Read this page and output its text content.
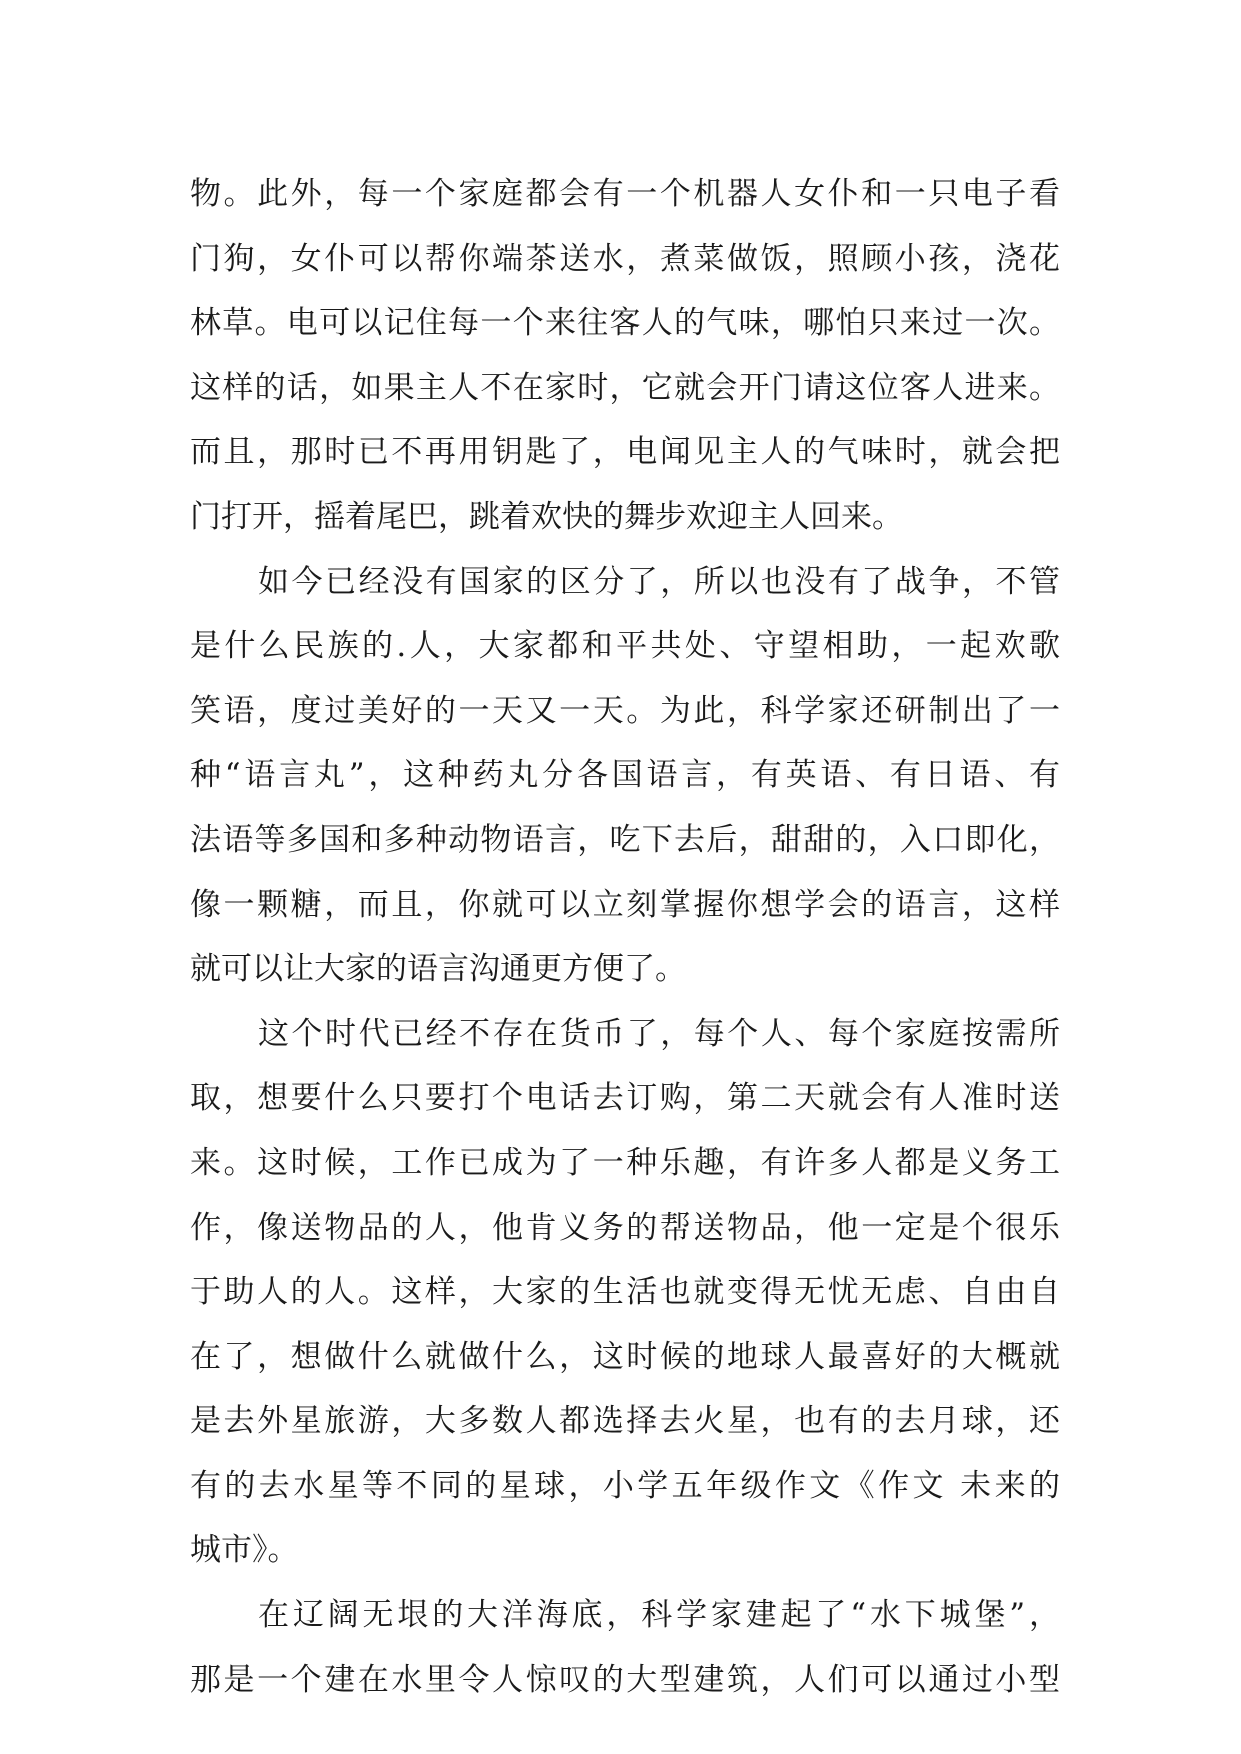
物。此外，每一个家庭都会有一个机器人女仆和一只电子看
门狗，女仆可以帮你端茶送水，煮菜做饭，照顾小孩，浇花
林草。电可以记住每一个来往客人的气味，哪怕只来过一次。
这样的话，如果主人不在家时，它就会开门请这位客人进来。
而且，那时已不再用钥匙了，电闻见主人的气味时，就会把
门打开，摇着尾巴，跳着欢快的舞步欢迎主人回来。
如今已经没有国家的区分了，所以也没有了战争，不管
是什么民族的.人，大家都和平共处、守望相助，一起欢歌
笑语，度过美好的一天又一天。为此，科学家还研制出了一
种“语言丸”，这种药丸分各国语言，有英语、有日语、有
法语等多国和多种动物语言，吃下去后，甜甜的，入口即化，
像一颗糖，而且，你就可以立刻掌握你想学会的语言，这样
就可以让大家的语言沟通更方便了。
这个时代已经不存在货币了，每个人、每个家庭按需所
取，想要什么只要打个电话去订购，第二天就会有人准时送
来。这时候，工作已成为了一种乐趣，有许多人都是义务工
作，像送物品的人，他肯义务的帮送物品，他一定是个很乐
于助人的人。这样，大家的生活也就变得无忧无虑、自由自
在了，想做什么就做什么，这时候的地球人最喜好的大概就
是去外星旅游，大多数人都选择去火星，也有的去月球，还
有的去水星等不同的星球，小学五年级作文《作文 未来的
城市》。
在辽阔无垠的大洋海底，科学家建起了“水下城堡”，
那是一个建在水里令人惊叹的大型建筑，人们可以通过小型
